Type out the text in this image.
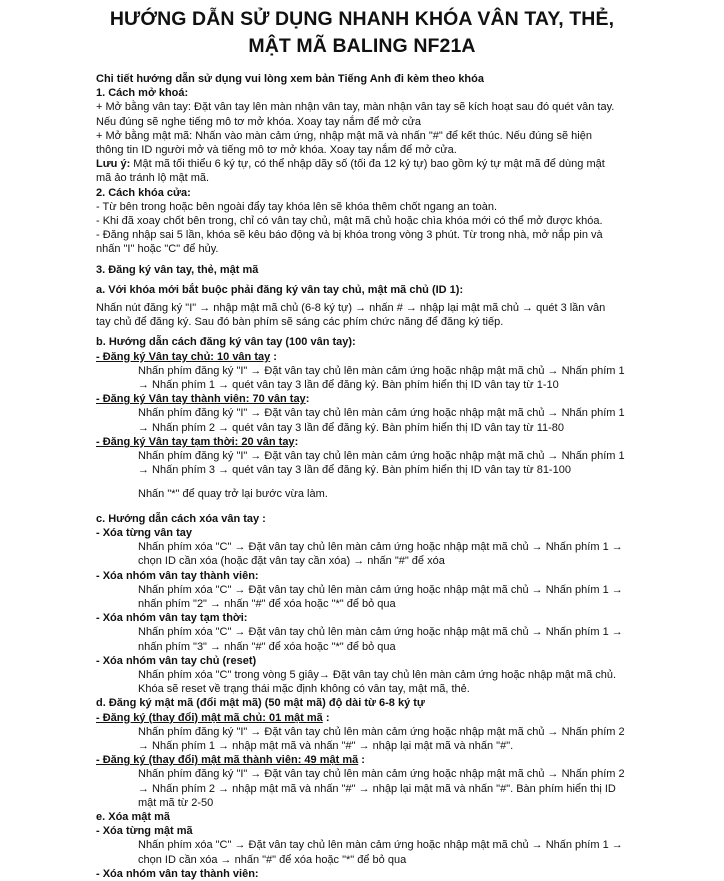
HƯỚNG DẪN SỬ DỤNG NHANH KHÓA VÂN TAY, THẺ,
MẬT MÃ BALING NF21A
Chi tiết hướng dẫn sử dụng vui lòng xem bản Tiếng Anh đi kèm theo khóa
1. Cách mở khoá:
+ Mở bằng vân tay: Đặt vân tay lên màn nhận vân tay, màn nhận vân tay sẽ kích hoạt sau đó quét vân tay.
Nếu đúng sẽ nghe tiếng mô tơ mở khóa. Xoay tay nắm để mở cửa
+ Mở bằng mật mã: Nhấn vào màn cảm ứng, nhập mật mã và nhấn "#" để kết thúc. Nếu đúng sẽ hiện
thông tin ID người mở và tiếng mô tơ mở khóa. Xoay tay nắm để mở cửa.
Lưu ý: Mật mã tối thiểu 6 ký tự, có thể nhập dãy số (tối đa 12 ký tự) bao gồm ký tự mật mã để dùng mật
mã ảo tránh lộ mật mã.
2. Cách khóa cửa:
- Từ bên trong hoặc bên ngoài đẩy tay khóa lên sẽ khóa thêm chốt ngang an toàn.
- Khi đã xoay chốt bên trong, chỉ có vân tay chủ, mật mã chủ hoặc chìa khóa mới có thể mở được khóa.
- Đăng nhập sai 5 lần, khóa sẽ kêu báo động và bị khóa trong vòng 3 phút. Từ trong nhà, mở nắp pin và
nhấn "I" hoặc "C" để hủy.
3. Đăng ký vân tay, thẻ, mật mã
a. Với khóa mới bắt buộc phải đăng ký vân tay chủ, mật mã chủ (ID 1):
Nhấn nút đăng ký "I" → nhập mật mã chủ (6-8 ký tự) → nhấn # → nhập lại mật mã chủ → quét 3 lần vân
tay chủ để đăng ký. Sau đó bàn phím sẽ sáng các phím chức năng để đăng ký tiếp.
b. Hướng dẫn cách đăng ký vân tay (100 vân tay):
- Đăng ký Vân tay chủ: 10 vân tay :
Nhấn phím đăng ký "I" → Đặt vân tay chủ lên màn cảm ứng hoặc nhập mật mã chủ → Nhấn phím 1
→ Nhấn phím 1 → quét vân tay 3 lần để đăng ký. Bàn phím hiển thị ID vân tay từ 1-10
- Đăng ký Vân tay thành viên: 70 vân tay:
Nhấn phím đăng ký "I" → Đặt vân tay chủ lên màn cảm ứng hoặc nhập mật mã chủ → Nhấn phím 1
→ Nhấn phím 2 → quét vân tay 3 lần để đăng ký. Bàn phím hiển thị ID vân tay từ 11-80
- Đăng ký Vân tay tạm thời: 20 vân tay:
Nhấn phím đăng ký "I" → Đặt vân tay chủ lên màn cảm ứng hoặc nhập mật mã chủ → Nhấn phím 1
→ Nhấn phím 3 → quét vân tay 3 lần để đăng ký. Bàn phím hiển thị ID vân tay từ 81-100
Nhấn "*" để quay trở lại bước vừa làm.
c. Hướng dẫn cách xóa vân tay :
- Xóa từng vân tay
Nhấn phím xóa "C" → Đặt vân tay chủ lên màn cảm ứng hoặc nhập mật mã chủ → Nhấn phím 1 →
chọn ID cần xóa (hoặc đặt vân tay cần xóa) → nhấn "#" để xóa
- Xóa nhóm vân tay thành viên:
Nhấn phím xóa "C" → Đặt vân tay chủ lên màn cảm ứng hoặc nhập mật mã chủ → Nhấn phím 1 →
nhấn phím "2" → nhấn "#" để xóa hoặc "*" để bỏ qua
- Xóa nhóm vân tay tạm thời:
Nhấn phím xóa "C" → Đặt vân tay chủ lên màn cảm ứng hoặc nhập mật mã chủ → Nhấn phím 1 →
nhấn phím "3" → nhấn "#" để xóa hoặc "*" để bỏ qua
- Xóa nhóm vân tay chủ (reset)
Nhấn phím xóa "C" trong vòng 5 giây→ Đặt vân tay chủ lên màn cảm ứng hoặc nhập mật mã chủ.
Khóa sẽ reset về trạng thái mặc định không có vân tay, mật mã, thẻ.
d. Đăng ký mật mã (đổi mật mã) (50 mật mã) độ dài từ 6-8 ký tự
- Đăng ký (thay đổi) mật mã chủ: 01 mật mã :
Nhấn phím đăng ký "I" → Đặt vân tay chủ lên màn cảm ứng hoặc nhập mật mã chủ → Nhấn phím 2
→ Nhấn phím 1 → nhập mật mã và nhấn "#" → nhập lại mật mã và nhấn "#".
- Đăng ký (thay đổi) mật mã thành viên: 49 mật mã :
Nhấn phím đăng ký "I" → Đặt vân tay chủ lên màn cảm ứng hoặc nhập mật mã chủ → Nhấn phím 2
→ Nhấn phím 2 → nhập mật mã và nhấn "#" → nhập lại mật mã và nhấn "#". Bàn phím hiển thị ID
mật mã từ 2-50
e. Xóa mật mã
- Xóa từng mật mã
Nhấn phím xóa "C" → Đặt vân tay chủ lên màn cảm ứng hoặc nhập mật mã chủ → Nhấn phím 1 →
chọn ID cần xóa → nhấn "#" để xóa hoặc "*" để bỏ qua
- Xóa nhóm vân tay thành viên:
